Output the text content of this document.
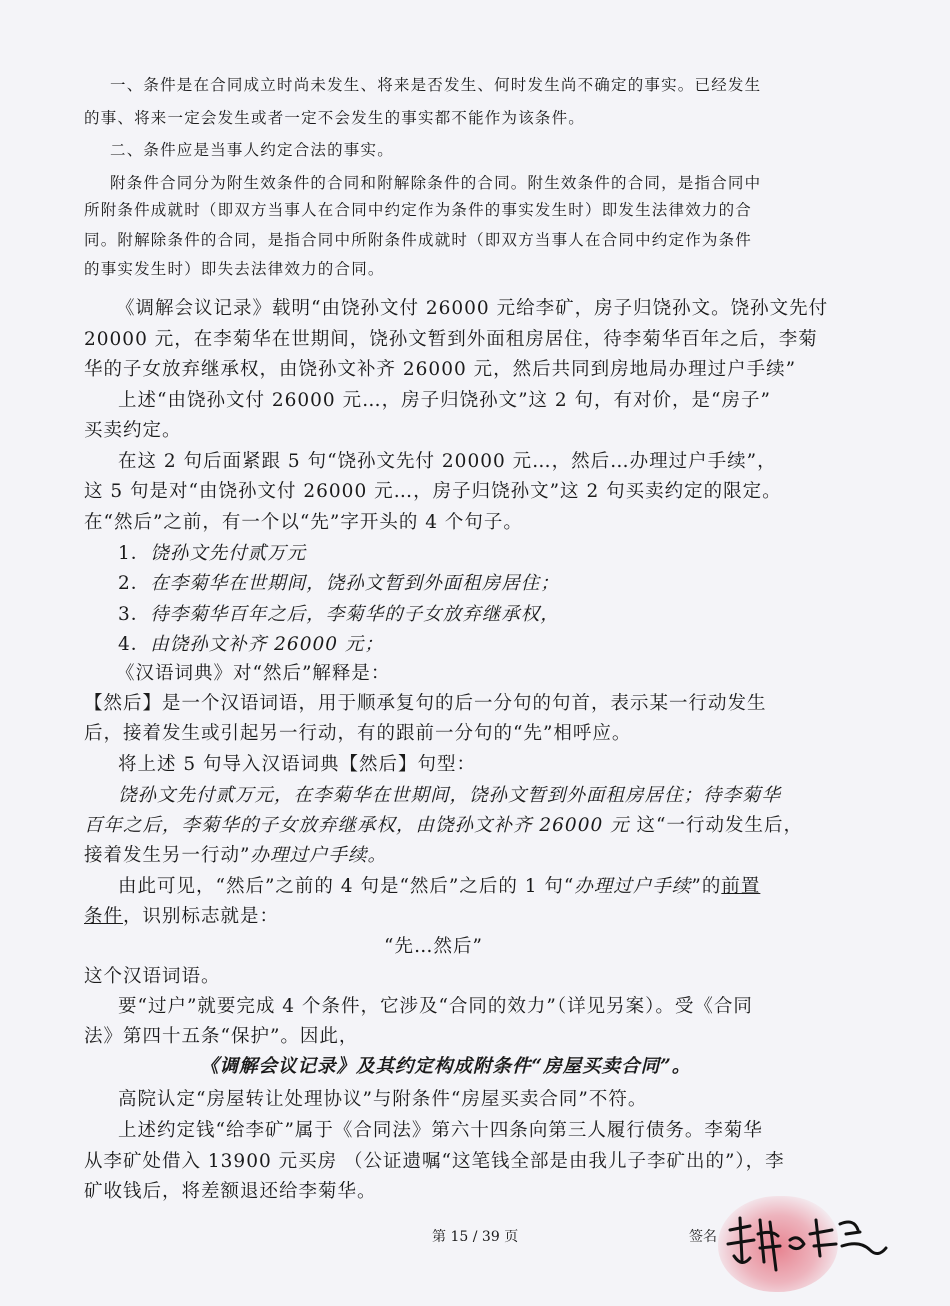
一、条件是在合同成立时尚未发生、将来是否发生、何时发生尚不确定的事实。已经发生
的事、将来一定会发生或者一定不会发生的事实都不能作为该条件。
二、条件应是当事人约定合法的事实。
附条件合同分为附生效条件的合同和附解除条件的合同。附生效条件的合同，是指合同中
所附条件成就时（即双方当事人在合同中约定作为条件的事实发生时）即发生法律效力的合
同。附解除条件的合同，是指合同中所附条件成就时（即双方当事人在合同中约定作为条件
的事实发生时）即失去法律效力的合同。
《调解会议记录》载明“由饶孙文付 26000 元给李矿，房子归饶孙文。饶孙文先付
20000 元，在李菊华在世期间，饶孙文暂到外面租房居住，待李菊华百年之后，李菊
华的子女放弃继承权，由饶孙文补齐 26000 元，然后共同到房地局办理过户手续”
上述“由饶孙文付 26000 元…，房子归饶孙文”这 2 句，有对价，是“房子”
买卖约定。
在这 2 句后面紧跟 5 句“饶孙文先付 20000 元…，然后…办理过户手续”，
这 5 句是对“由饶孙文付 26000 元…，房子归饶孙文”这 2 句买卖约定的限定。
在“然后”之前，有一个以“先”字开头的 4 个句子。
1．饶孙文先付贰万元
2．在李菊华在世期间，饶孙文暂到外面租房居住；
3．待李菊华百年之后，李菊华的子女放弃继承权，
4．由饶孙文补齐 26000 元；
《汉语词典》对“然后”解释是：
【然后】是一个汉语词语，用于顺承复句的后一分句的句首，表示某一行动发生
后，接着发生或引起另一行动，有的跟前一分句的“先”相呼应。
将上述 5 句导入汉语词典【然后】句型：
饶孙文先付贰万元，在李菊华在世期间，饶孙文暂到外面租房居住；待李菊华
百年之后，李菊华的子女放弃继承权，由饶孙文补齐 26000 元 这“一行动发生后，
接着发生另一行动”办理过户手续。
由此可见，“然后”之前的 4 句是“然后”之后的 1 句“办理过户手续”的前置
条件，识别标志就是：
“先…然后”
这个汉语词语。
要“过户”就要完成 4 个条件，它涉及“合同的效力”（详见另案）。受《合同
法》第四十五条“保护”。因此，
《调解会议记录》及其约定构成附条件“房屋买卖合同”。
高院认定“房屋转让处理协议”与附条件“房屋买卖合同”不符。
上述约定钱“给李矿”属于《合同法》第六十四条向第三人履行债务。李菊华
从李矿处借入 13900 元买房 （公证遗嘱“这笔钱全部是由我儿子李矿出的”），李
矿收钱后，将差额退还给李菊华。
第 15 / 39 页	签名
